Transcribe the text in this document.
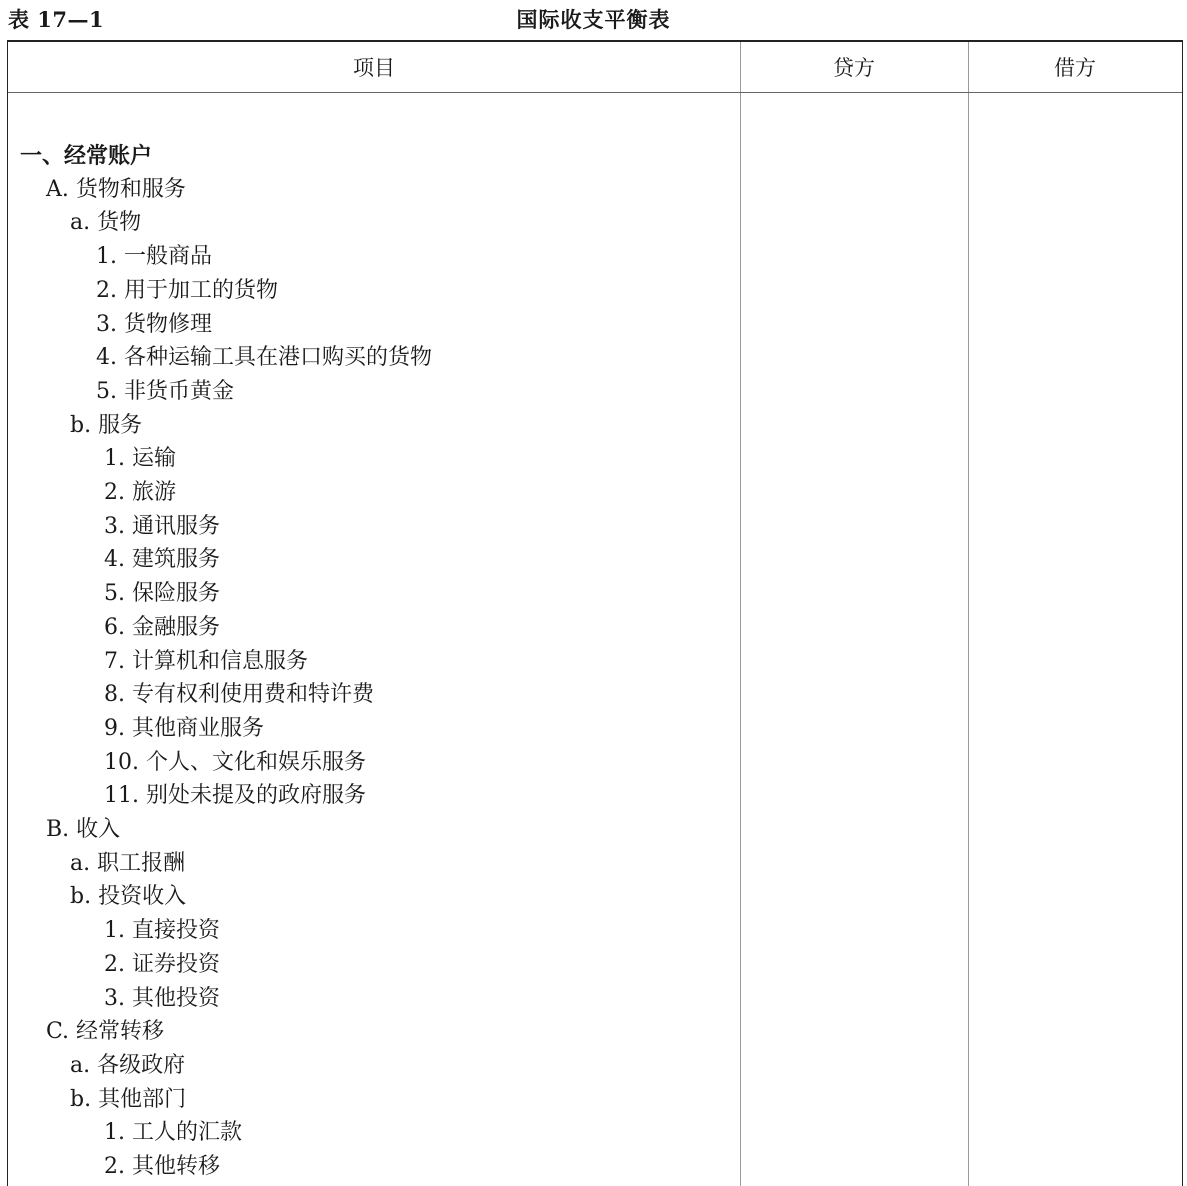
表 17—1	国际收支平衡表
项目	贷方	借方
一、经常账户
A. 货物和服务
a. 货物
1. 一般商品
2. 用于加工的货物
3. 货物修理
4. 各种运输工具在港口购买的货物
5. 非货币黄金
b. 服务
1. 运输
2. 旅游
3. 通讯服务
4. 建筑服务
5. 保险服务
6. 金融服务
7. 计算机和信息服务
8. 专有权利使用费和特许费
9. 其他商业服务
10. 个人、文化和娱乐服务
11. 别处未提及的政府服务
B. 收入
a. 职工报酬
b. 投资收入
1. 直接投资
2. 证券投资
3. 其他投资
C. 经常转移
a. 各级政府
b. 其他部门
1. 工人的汇款
2. 其他转移
